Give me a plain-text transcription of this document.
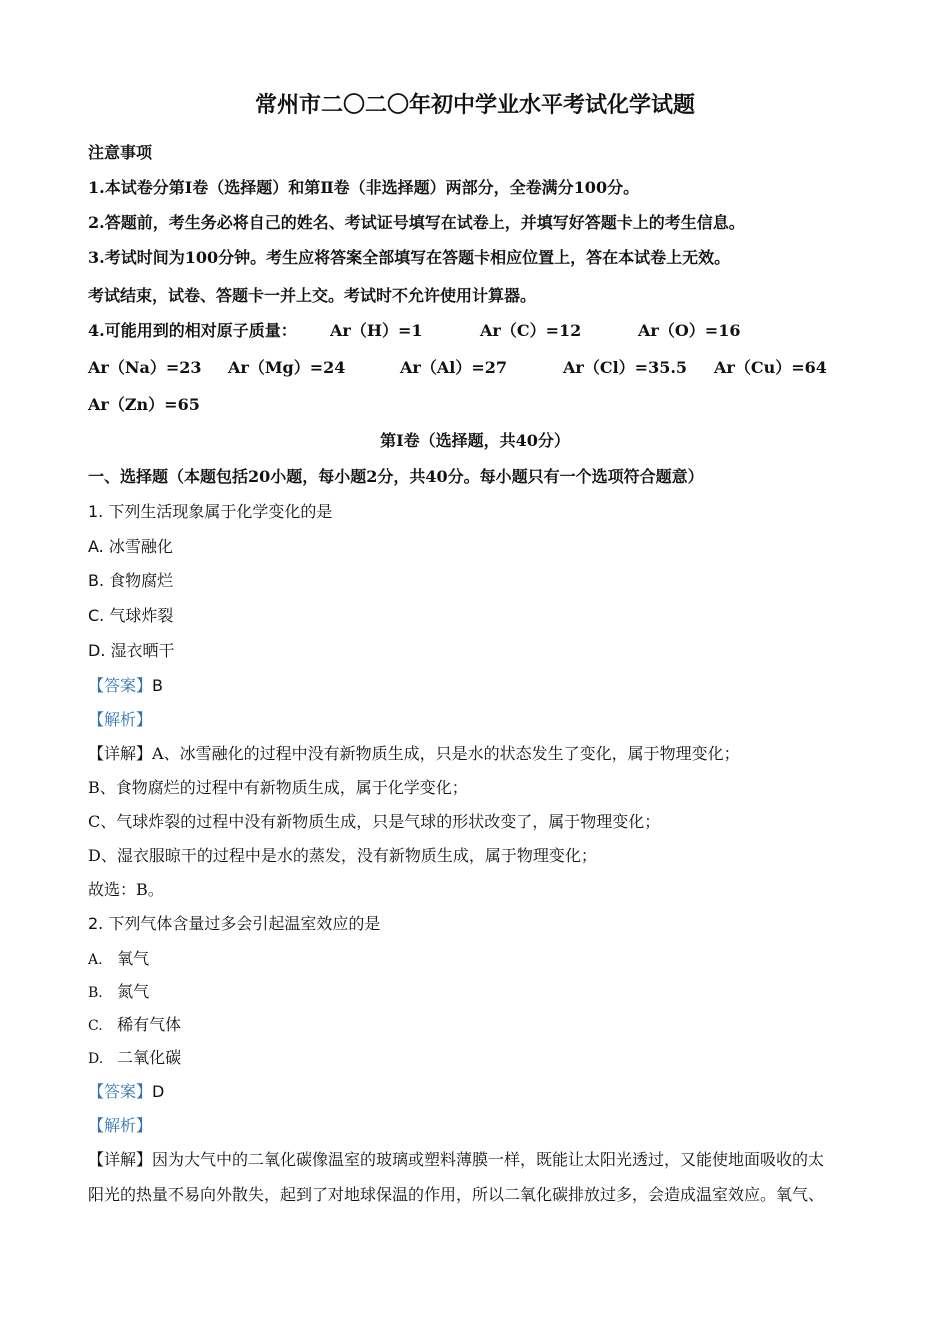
常州市二〇二〇年初中学业水平考试化学试题
注意事项
1.本试卷分第Ⅰ卷（选择题）和第Ⅱ卷（非选择题）两部分，全卷满分100分。
2.答题前，考生务必将自己的姓名、考试证号填写在试卷上，并填写好答题卡上的考生信息。
3.考试时间为100分钟。考生应将答案全部填写在答题卡相应位置上，答在本试卷上无效。
考试结束，试卷、答题卡一并上交。考试时不允许使用计算器。
4.可能用到的相对原子质量： Ar（H）=1	Ar（C）=12	Ar（O）=16
Ar（Na）=23 Ar（Mg）=24	Ar（Al）=27	Ar（Cl）=35.5 Ar（Cu）=64
Ar（Zn）=65
第Ⅰ卷（选择题，共40分）
一、选择题（本题包括20小题，每小题2分，共40分。每小题只有一个选项符合题意）
1. 下列生活现象属于化学变化的是
A. 冰雪融化
B. 食物腐烂
C. 气球炸裂
D. 湿衣晒干
【答案】B
【解析】
【详解】A、冰雪融化的过程中没有新物质生成，只是水的状态发生了变化，属于物理变化；
B、食物腐烂的过程中有新物质生成，属于化学变化；
C、气球炸裂的过程中没有新物质生成，只是气球的形状改变了，属于物理变化；
D、湿衣服晾干的过程中是水的蒸发，没有新物质生成，属于物理变化；
故选：B。
2. 下列气体含量过多会引起温室效应的是
A. 氧气
B. 氮气
C. 稀有气体
D. 二氧化碳
【答案】D
【解析】
【详解】因为大气中的二氧化碳像温室的玻璃或塑料薄膜一样，既能让太阳光透过，又能使地面吸收的太
阳光的热量不易向外散失，起到了对地球保温的作用，所以二氧化碳排放过多，会造成温室效应。氧气、
